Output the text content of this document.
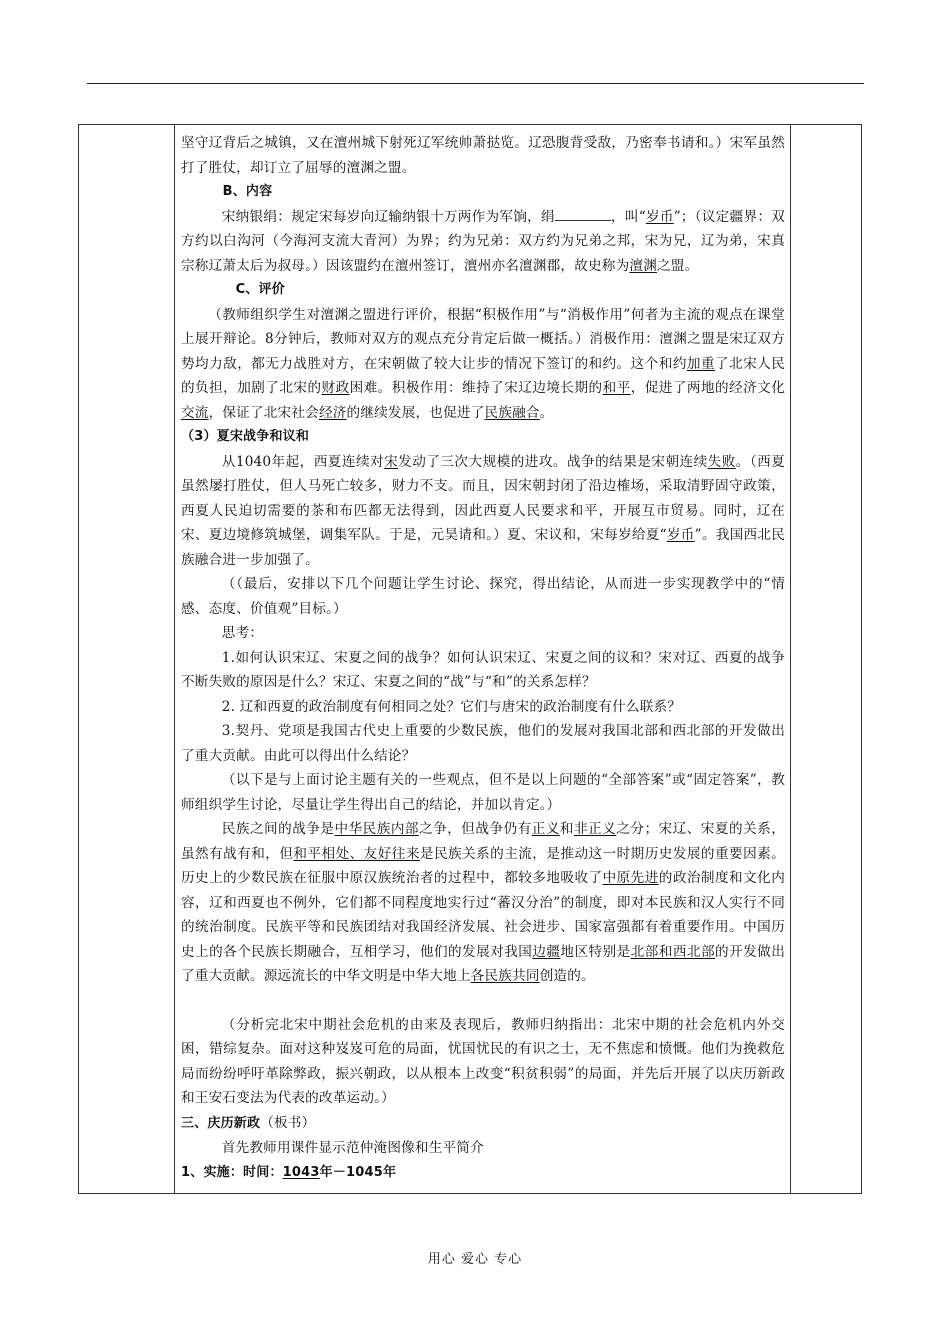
坚守辽背后之城镇，又在澶州城下射死辽军统帅萧挞览。辽恐腹背受敌，乃密奉书请和。）宋军虽然打了胜仗，却订立了屈辱的澶渊之盟。

B、内容

宋纳银绢：规定宋每岁向辽输纳银十万两作为军饷，绢	，叫“岁币”；（议定疆界：双方约以白沟河（今海河支流大青河）为界；约为兄弟：双方约为兄弟之邦，宋为兄，辽为弟，宋真宗称辽萧太后为叔母。）因该盟约在澶州签订，澶州亦名澶渊郡，故史称为澶渊之盟。

C、评价

（教师组织学生对澶渊之盟进行评价，根据“积极作用”与“消极作用”何者为主流的观点在课堂上展开辩论。8分钟后，教师对双方的观点充分肯定后做一概括。）消极作用：澶渊之盟是宋辽双方势均力敌，都无力战胜对方，在宋朝做了较大让步的情况下签订的和约。这个和约加重了北宋人民的负担，加剧了北宋的财政困难。积极作用：维持了宋辽边境长期的和平，促进了两地的经济文化交流，保证了北宋社会经济的继续发展，也促进了民族融合。

（3）夏宋战争和议和

从1040年起，西夏连续对宋发动了三次大规模的进攻。战争的结果是宋朝连续失败。（西夏虽然屡打胜仗，但人马死亡较多，财力不支。而且，因宋朝封闭了沿边榷场，采取清野固守政策，西夏人民迫切需要的茶和布匹都无法得到，因此西夏人民要求和平，开展互市贸易。同时，辽在宋、夏边境修筑城堡，调集军队。于是，元昊请和。）夏、宋议和，宋每岁给夏“岁币”。我国西北民族融合进一步加强了。

（（最后，安排以下几个问题让学生讨论、探究，得出结论，从而进一步实现教学中的“情感、态度、价值观”目标。）

思考：

1.如何认识宋辽、宋夏之间的战争？如何认识宋辽、宋夏之间的议和？宋对辽、西夏的战争不断失败的原因是什么？宋辽、宋夏之间的“战”与“和”的关系怎样？

2. 辽和西夏的政治制度有何相同之处？它们与唐宋的政治制度有什么联系？

3.契丹、党项是我国古代史上重要的少数民族，他们的发展对我国北部和西北部的开发做出了重大贡献。由此可以得出什么结论？

（以下是与上面讨论主题有关的一些观点，但不是以上问题的“全部答案”或“固定答案”，教师组织学生讨论，尽量让学生得出自己的结论，并加以肯定。）

民族之间的战争是中华民族内部之争，但战争仍有正义和非正义之分；宋辽、宋夏的关系，虽然有战有和，但和平相处、友好往来是民族关系的主流，是推动这一时期历史发展的重要因素。历史上的少数民族在征服中原汉族统治者的过程中，都较多地吸收了中原先进的政治制度和文化内容，辽和西夏也不例外，它们都不同程度地实行过“蕃汉分治”的制度，即对本民族和汉人实行不同的统治制度。民族平等和民族团结对我国经济发展、社会进步、国家富强都有着重要作用。中国历史上的各个民族长期融合，互相学习，他们的发展对我国边疆地区特别是北部和西北部的开发做出了重大贡献。源远流长的中华文明是中华大地上各民族共同创造的。

（分析完北宋中期社会危机的由来及表现后，教师归纳指出：北宋中期的社会危机内外交困，错综复杂。面对这种岌岌可危的局面，忧国忧民的有识之士，无不焦虑和愤慨。他们为挽救危局而纷纷呼吁革除弊政，振兴朝政，以从根本上改变“积贫积弱”的局面，并先后开展了以庆历新政和王安石变法为代表的改革运动。）

三、庆历新政（板书）

首先教师用课件显示范仲淹图像和生平简介

1、实施：时间：1043年－1045年

用心 爱心 专心
